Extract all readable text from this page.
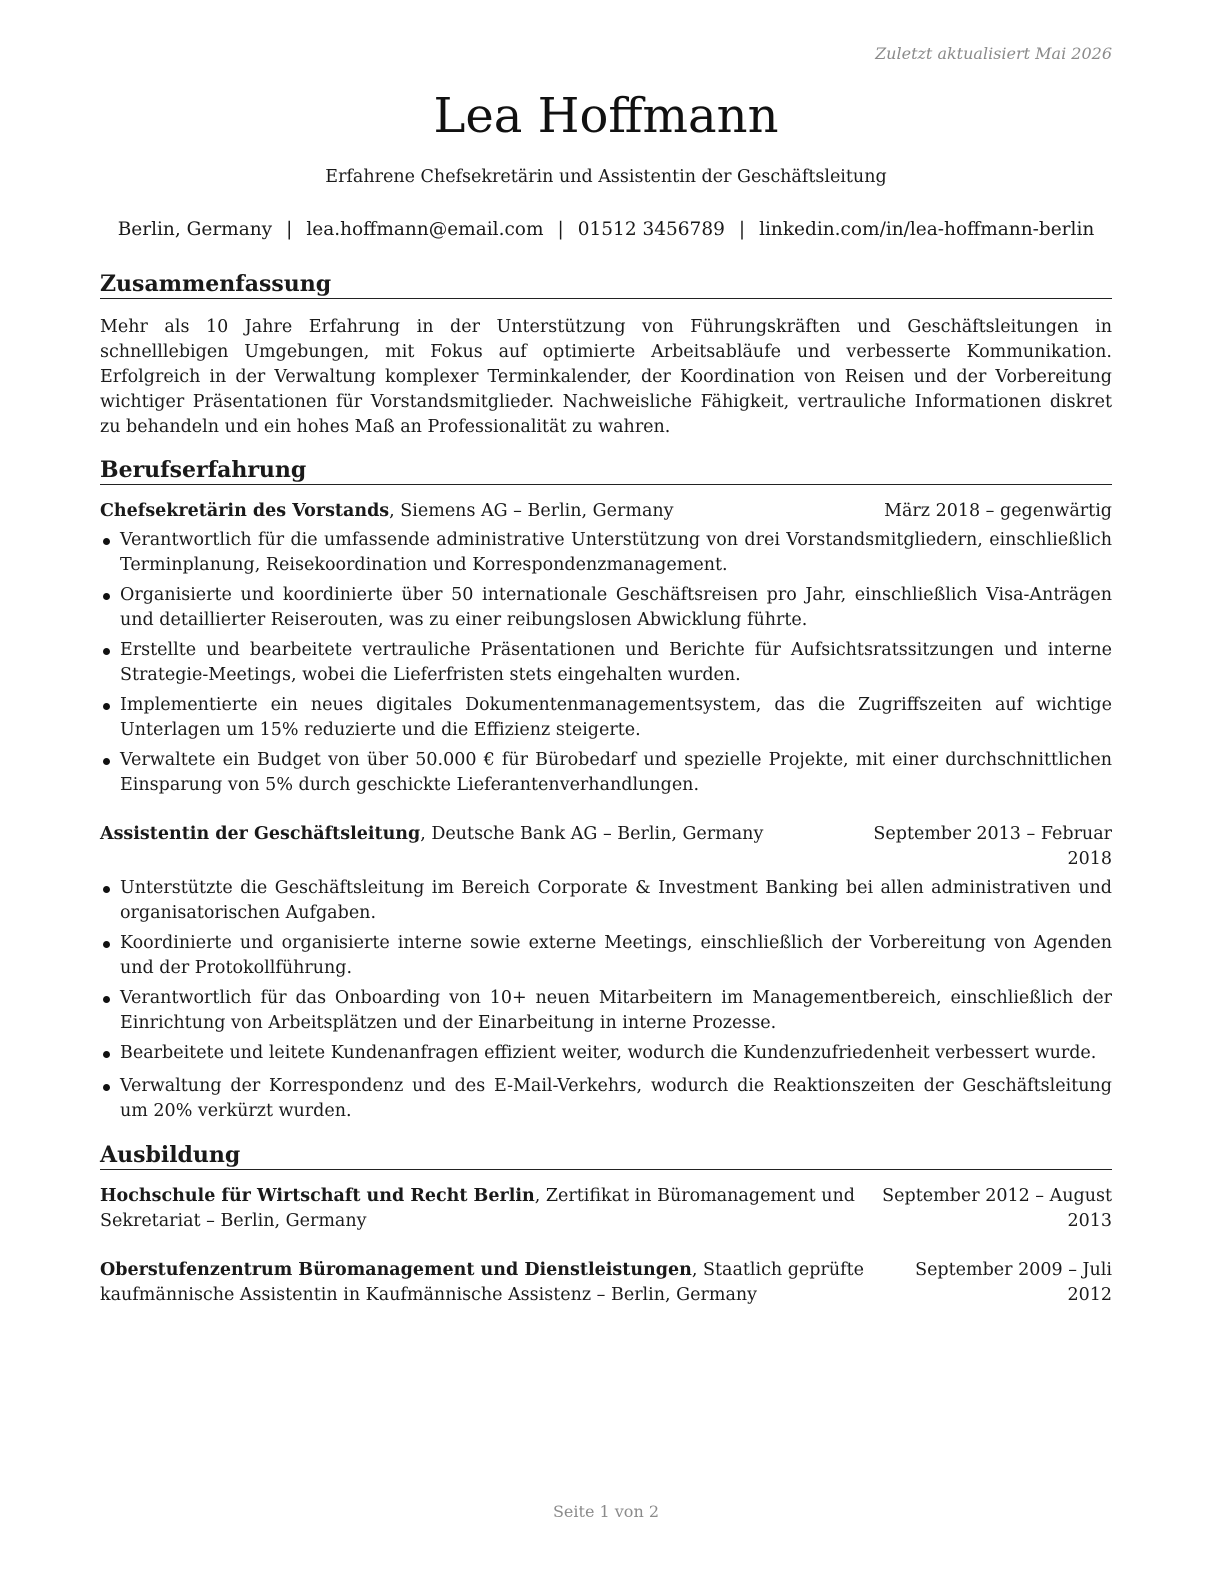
Zuletzt aktualisiert Mai 2026
Lea Hoffmann
Erfahrene Chefsekretärin und Assistentin der Geschäftsleitung
Berlin, Germany | lea.hoffmann@email.com | 01512 3456789 | linkedin.com/in/lea-hoffmann-berlin
Zusammenfassung
Mehr als 10 Jahre Erfahrung in der Unterstützung von Führungskräften und Geschäftsleitungen in schnelllebigen Umgebungen, mit Fokus auf optimierte Arbeitsabläufe und verbesserte Kommunikation. Erfolgreich in der Verwaltung komplexer Terminkalender, der Koordination von Reisen und der Vorbereitung wichtiger Präsentationen für Vorstandsmitglieder. Nachweisliche Fähigkeit, vertrauliche Informationen diskret zu behandeln und ein hohes Maß an Professionalität zu wahren.
Berufserfahrung
Chefsekretärin des Vorstands, Siemens AG – Berlin, Germany	März 2018 – gegenwärtig
Verantwortlich für die umfassende administrative Unterstützung von drei Vorstandsmitgliedern, einschließlich Terminplanung, Reisekoordination und Korrespondenzmanagement.
Organisierte und koordinierte über 50 internationale Geschäftsreisen pro Jahr, einschließlich Visa-Anträgen und detaillierter Reiserouten, was zu einer reibungslosen Abwicklung führte.
Erstellte und bearbeitete vertrauliche Präsentationen und Berichte für Aufsichtsratssitzungen und interne Strategie-Meetings, wobei die Lieferfristen stets eingehalten wurden.
Implementierte ein neues digitales Dokumentenmanagementsystem, das die Zugriffszeiten auf wichtige Unterlagen um 15% reduzierte und die Effizienz steigerte.
Verwaltete ein Budget von über 50.000 € für Bürobedarf und spezielle Projekte, mit einer durchschnittlichen Einsparung von 5% durch geschickte Lieferantenverhandlungen.
Assistentin der Geschäftsleitung, Deutsche Bank AG – Berlin, Germany	September 2013 – Februar
2018
Unterstützte die Geschäftsleitung im Bereich Corporate & Investment Banking bei allen administrativen und organisatorischen Aufgaben.
Koordinierte und organisierte interne sowie externe Meetings, einschließlich der Vorbereitung von Agenden und der Protokollführung.
Verantwortlich für das Onboarding von 10+ neuen Mitarbeitern im Managementbereich, einschließlich der Einrichtung von Arbeitsplätzen und der Einarbeitung in interne Prozesse.
Bearbeitete und leitete Kundenanfragen effizient weiter, wodurch die Kundenzufriedenheit verbessert wurde.
Verwaltung der Korrespondenz und des E-Mail-Verkehrs, wodurch die Reaktionszeiten der Geschäftsleitung um 20% verkürzt wurden.
Ausbildung
Hochschule für Wirtschaft und Recht Berlin, Zertifikat in Büromanagement und Sekretariat – Berlin, Germany
September 2012 – August
2013
Oberstufenzentrum Büromanagement und Dienstleistungen, Staatlich geprüfte kaufmännische Assistentin in Kaufmännische Assistenz – Berlin, Germany
September 2009 – Juli
2012
Seite 1 von 2
